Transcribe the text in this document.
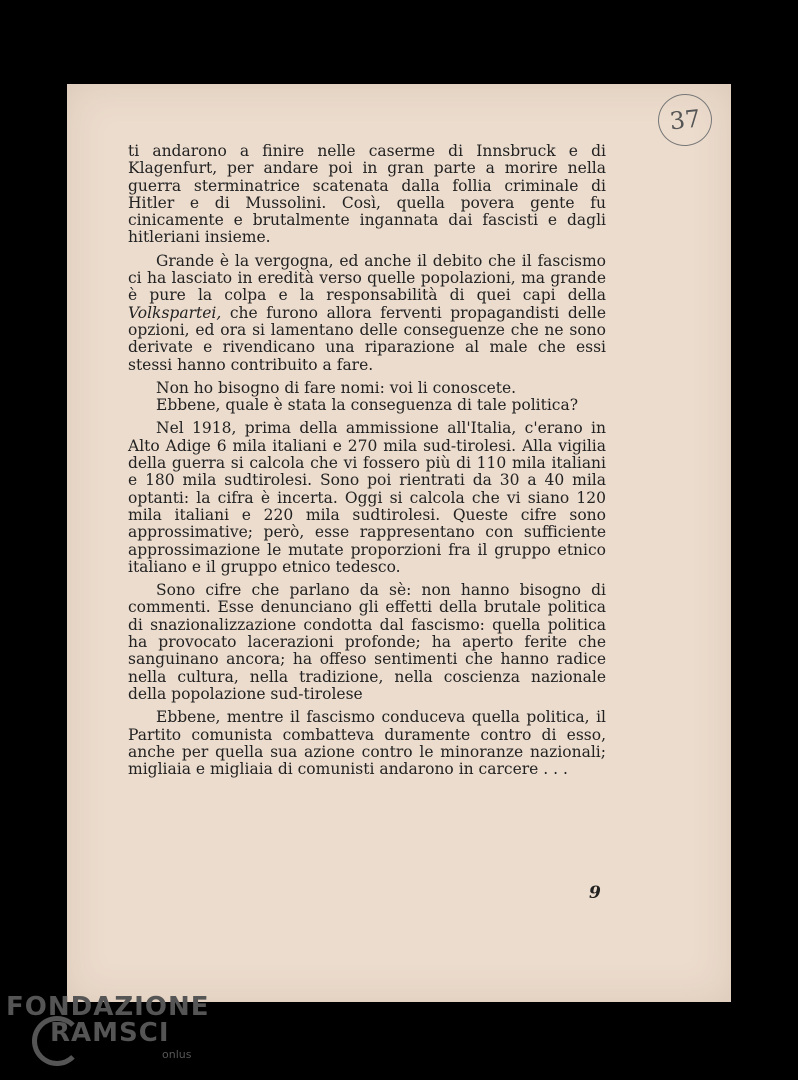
37

ti andarono a finire nelle caserme di Innsbruck e di Klagenfurt, per andare poi in gran parte a morire nella guerra sterminatrice scatenata dalla follia criminale di Hitler e di Mussolini. Così, quella povera gente fu cinicamente e brutalmente ingannata dai fascisti e dagli hitleriani insieme.

Grande è la vergogna, ed anche il debito che il fascismo ci ha lasciato in eredità verso quelle popolazioni, ma grande è pure la colpa e la responsabilità di quei capi della Volkspartei, che furono allora ferventi propagandisti delle opzioni, ed ora si lamentano delle conseguenze che ne sono derivate e rivendicano una riparazione al male che essi stessi hanno contribuito a fare.

Non ho bisogno di fare nomi: voi li conoscete.

Ebbene, quale è stata la conseguenza di tale politica?

Nel 1918, prima della ammissione all'Italia, c'erano in Alto Adige 6 mila italiani e 270 mila sud-tirolesi. Alla vigilia della guerra si calcola che vi fossero più di 110 mila italiani e 180 mila sudtirolesi. Sono poi rientrati da 30 a 40 mila optanti: la cifra è incerta. Oggi si calcola che vi siano 120 mila italiani e 220 mila sudtirolesi. Queste cifre sono approssimative; però, esse rappresentano con sufficiente approssimazione le mutate proporzioni fra il gruppo etnico italiano e il gruppo etnico tedesco.

Sono cifre che parlano da sè: non hanno bisogno di commenti. Esse denunciano gli effetti della brutale politica di snazionalizzazione condotta dal fascismo: quella politica ha provocato lacerazioni profonde; ha aperto ferite che sanguinano ancora; ha offeso sentimenti che hanno radice nella cultura, nella tradizione, nella coscienza nazionale della popolazione sud-tirolese

Ebbene, mentre il fascismo conduceva quella politica, il Partito comunista combatteva duramente contro di esso, anche per quella sua azione contro le minoranze nazionali; migliaia e migliaia di comunisti andarono in carcere . . .

9
FONDAZIONE
RAMSCI
onlus
